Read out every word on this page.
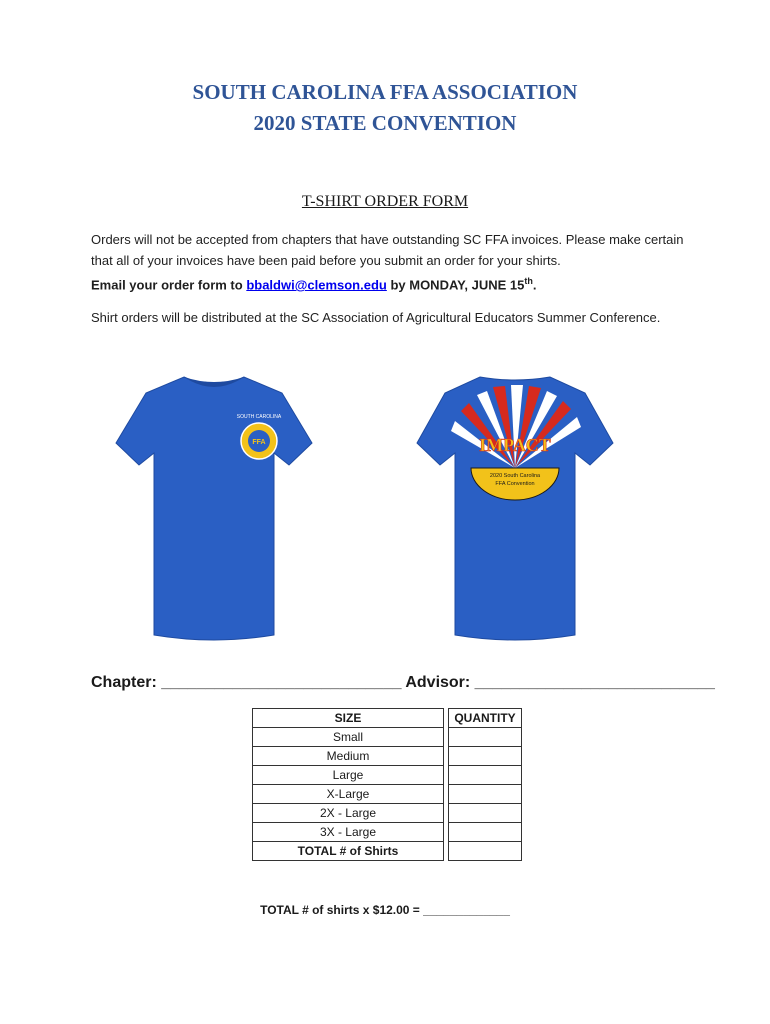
SOUTH CAROLINA FFA ASSOCIATION
2020 STATE CONVENTION
T-SHIRT ORDER FORM
Orders will not be accepted from chapters that have outstanding SC FFA invoices. Please make certain that all of your invoices have been paid before you submit an order for your shirts.
Email your order form to bbaldwi@clemson.edu by MONDAY, JUNE 15th.
Shirt orders will be distributed at the SC Association of Agricultural Educators Summer Conference.
SOUTH CAROLINA
FFA	IMPACT
2020 South Carolina
FFA Convention
Chapter: ___________________________ Advisor: ___________________________
SIZE		QUANTITY
Small		
Medium		
Large		
X-Large		
2X - Large		
3X - Large		
TOTAL # of Shirts		
TOTAL # of shirts x $12.00 = _____________
